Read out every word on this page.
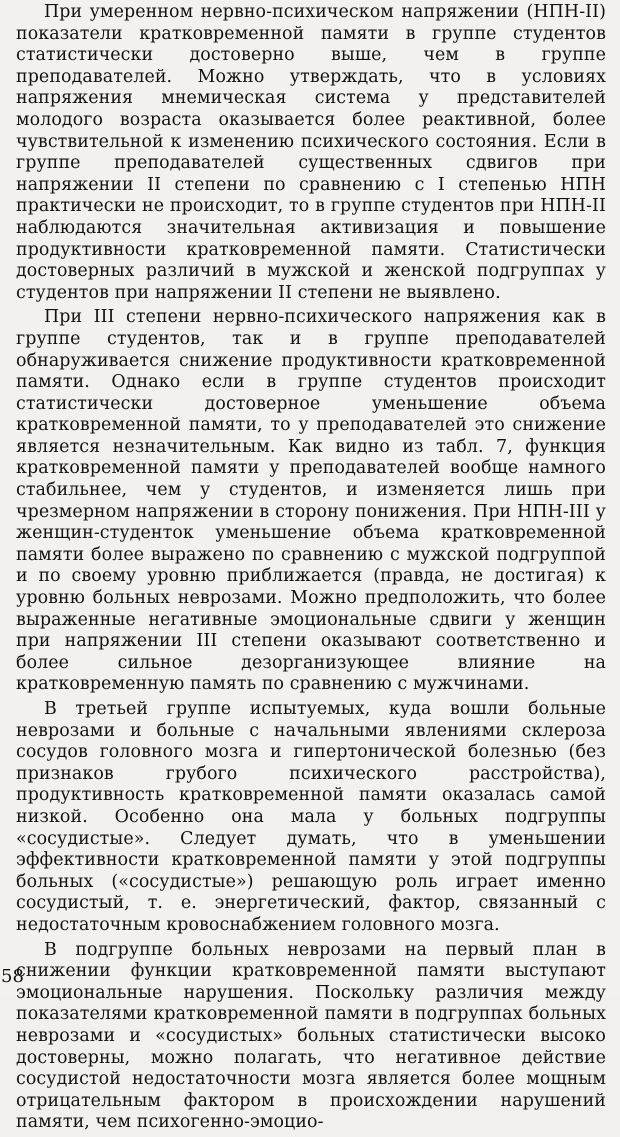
При умеренном нервно-психическом напряжении (НПН-II) показатели кратковременной памяти в группе студентов статистически достоверно выше, чем в группе преподавателей. Можно утверждать, что в условиях напряжения мнемическая система у представителей молодого возраста оказывается более реактивной, более чувствительной к изменению психического состояния. Если в группе преподавателей существенных сдвигов при напряжении II степени по сравнению с I степенью НПН практически не происходит, то в группе студентов при НПН-II наблюдаются значительная активизация и повышение продуктивности кратковременной памяти. Статистически достоверных различий в мужской и женской подгруппах у студентов при напряжении II степени не выявлено.

При III степени нервно-психического напряжения как в группе студентов, так и в группе преподавателей обнаруживается снижение продуктивности кратковременной памяти. Однако если в группе студентов происходит статистически достоверное уменьшение объема кратковременной памяти, то у преподавателей это снижение является незначительным. Как видно из табл. 7, функция кратковременной памяти у преподавателей вообще намного стабильнее, чем у студентов, и изменяется лишь при чрезмерном напряжении в сторону понижения. При НПН-III у женщин-студенток уменьшение объема кратковременной памяти более выражено по сравнению с мужской подгруппой и по своему уровню приближается (правда, не достигая) к уровню больных неврозами. Можно предположить, что более выраженные негативные эмоциональные сдвиги у женщин при напряжении III степени оказывают соответственно и более сильное дезорганизующее влияние на кратковременную память по сравнению с мужчинами.

В третьей группе испытуемых, куда вошли больные неврозами и больные с начальными явлениями склероза сосудов головного мозга и гипертонической болезнью (без признаков грубого психического расстройства), продуктивность кратковременной памяти оказалась самой низкой. Особенно она мала у больных подгруппы «сосудистые». Следует думать, что в уменьшении эффективности кратковременной памяти у этой подгруппы больных («сосудистые») решающую роль играет именно сосудистый, т. е. энергетический, фактор, связанный с недостаточным кровоснабжением головного мозга.

В подгруппе больных неврозами на первый план в снижении функции кратковременной памяти выступают эмоциональные нарушения. Поскольку различия между показателями кратковременной памяти в подгруппах больных неврозами и «сосудистых» больных статистически высоко достоверны, можно полагать, что негативное действие сосудистой недостаточности мозга является более мощным отрицательным фактором в происхождении нарушений памяти, чем психогенно-эмоцио-

58
